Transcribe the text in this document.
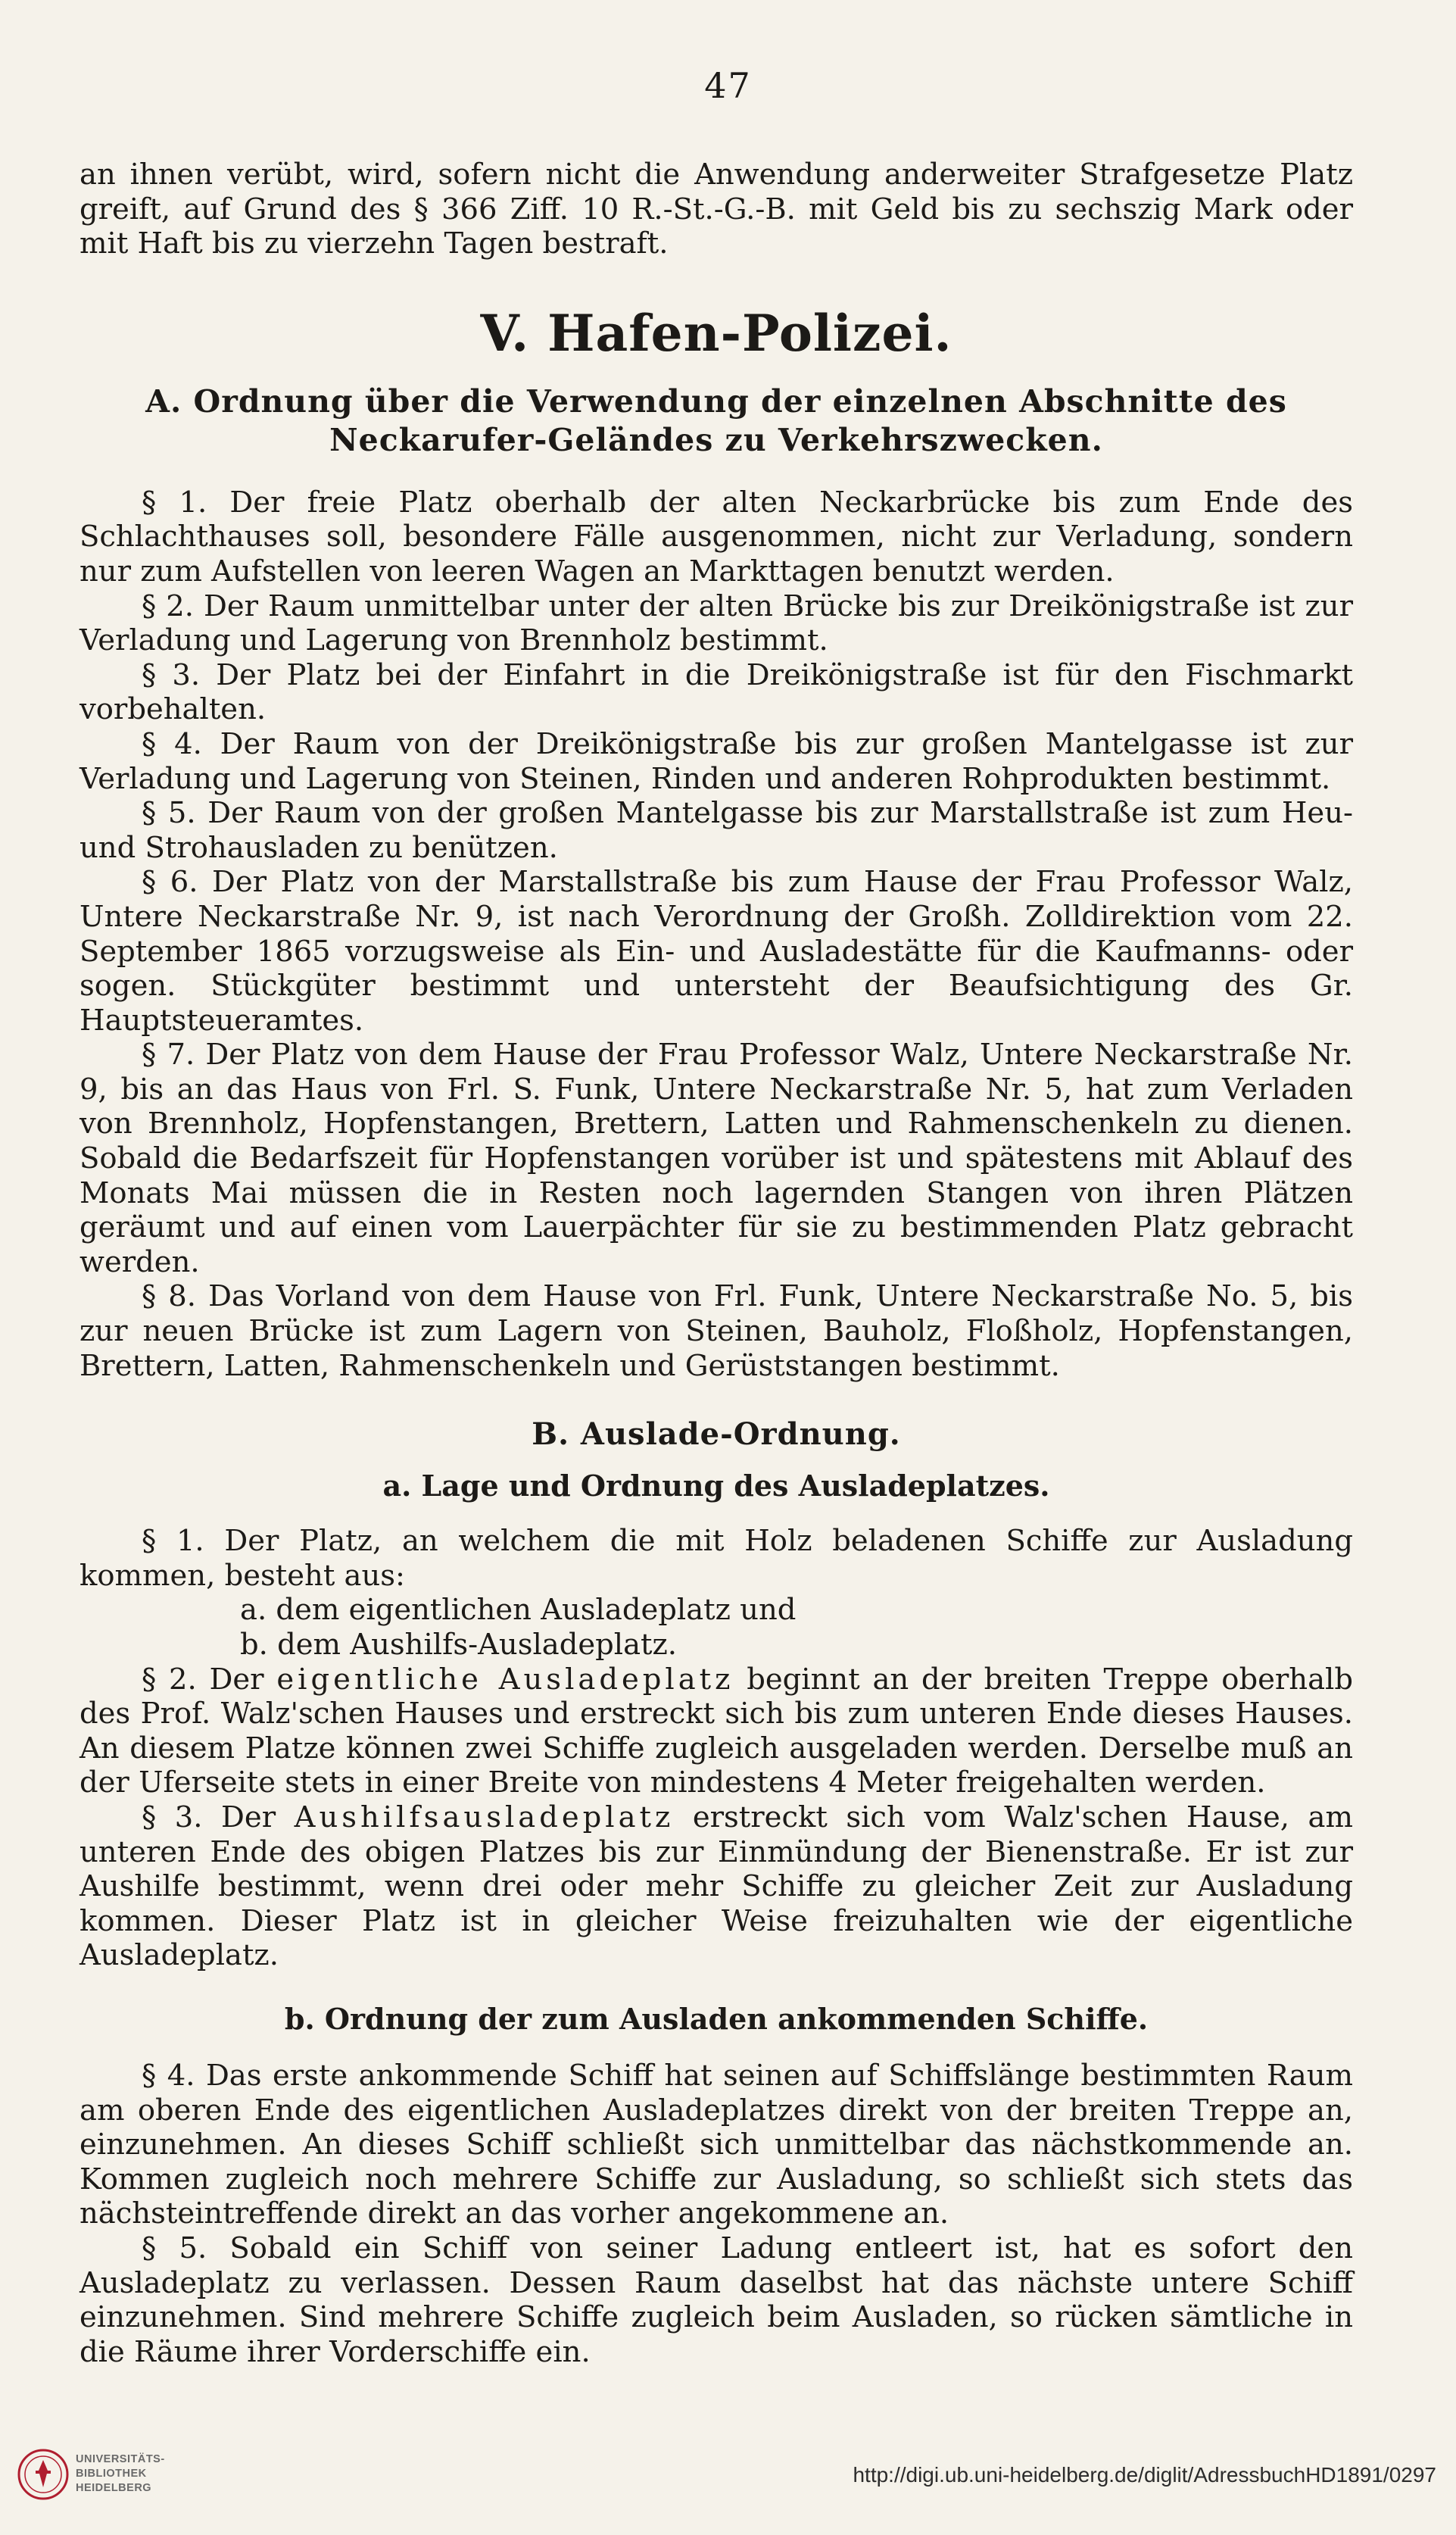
47

an ihnen verübt, wird, sofern nicht die Anwendung anderweiter Strafgesetze Platz greift, auf Grund des § 366 Ziff. 10 R.-St.-G.-B. mit Geld bis zu sechszig Mark oder mit Haft bis zu vierzehn Tagen bestraft.

V. Hafen-Polizei.
A. Ordnung über die Verwendung der einzelnen Abschnitte des Neckarufer-Geländes zu Verkehrszwecken.

§ 1. Der freie Platz oberhalb der alten Neckarbrücke bis zum Ende des Schlachthauses soll, besondere Fälle ausgenommen, nicht zur Verladung, sondern nur zum Aufstellen von leeren Wagen an Markttagen benutzt werden.

§ 2. Der Raum unmittelbar unter der alten Brücke bis zur Dreikönigstraße ist zur Verladung und Lagerung von Brennholz bestimmt.

§ 3. Der Platz bei der Einfahrt in die Dreikönigstraße ist für den Fischmarkt vorbehalten.

§ 4. Der Raum von der Dreikönigstraße bis zur großen Mantelgasse ist zur Verladung und Lagerung von Steinen, Rinden und anderen Rohprodukten bestimmt.

§ 5. Der Raum von der großen Mantelgasse bis zur Marstallstraße ist zum Heu- und Strohausladen zu benützen.

§ 6. Der Platz von der Marstallstraße bis zum Hause der Frau Professor Walz, Untere Neckarstraße Nr. 9, ist nach Verordnung der Großh. Zolldirektion vom 22. September 1865 vorzugsweise als Ein- und Ausladestätte für die Kaufmanns- oder sogen. Stückgüter bestimmt und untersteht der Beaufsichtigung des Gr. Hauptsteueramtes.

§ 7. Der Platz von dem Hause der Frau Professor Walz, Untere Neckarstraße Nr. 9, bis an das Haus von Frl. S. Funk, Untere Neckarstraße Nr. 5, hat zum Verladen von Brennholz, Hopfenstangen, Brettern, Latten und Rahmenschenkeln zu dienen. Sobald die Bedarfszeit für Hopfenstangen vorüber ist und spätestens mit Ablauf des Monats Mai müssen die in Resten noch lagernden Stangen von ihren Plätzen geräumt und auf einen vom Lauerpächter für sie zu bestimmenden Platz gebracht werden.

§ 8. Das Vorland von dem Hause von Frl. Funk, Untere Neckarstraße No. 5, bis zur neuen Brücke ist zum Lagern von Steinen, Bauholz, Floßholz, Hopfenstangen, Brettern, Latten, Rahmenschenkeln und Gerüststangen bestimmt.

B. Auslade-Ordnung.
a. Lage und Ordnung des Ausladeplatzes.

§ 1. Der Platz, an welchem die mit Holz beladenen Schiffe zur Ausladung kommen, besteht aus:

a. dem eigentlichen Ausladeplatz und
b. dem Aushilfs-Ausladeplatz.

§ 2. Der eigentliche Ausladeplatz beginnt an der breiten Treppe oberhalb des Prof. Walz'schen Hauses und erstreckt sich bis zum unteren Ende dieses Hauses. An diesem Platze können zwei Schiffe zugleich ausgeladen werden. Derselbe muß an der Uferseite stets in einer Breite von mindestens 4 Meter freigehalten werden.

§ 3. Der Aushilfsausladeplatz erstreckt sich vom Walz'schen Hause, am unteren Ende des obigen Platzes bis zur Einmündung der Bienenstraße. Er ist zur Aushilfe bestimmt, wenn drei oder mehr Schiffe zu gleicher Zeit zur Ausladung kommen. Dieser Platz ist in gleicher Weise freizuhalten wie der eigentliche Ausladeplatz.

b. Ordnung der zum Ausladen ankommenden Schiffe.

§ 4. Das erste ankommende Schiff hat seinen auf Schiffslänge bestimmten Raum am oberen Ende des eigentlichen Ausladeplatzes direkt von der breiten Treppe an, einzunehmen. An dieses Schiff schließt sich unmittelbar das nächstkommende an. Kommen zugleich noch mehrere Schiffe zur Ausladung, so schließt sich stets das nächsteintreffende direkt an das vorher angekommene an.

§ 5. Sobald ein Schiff von seiner Ladung entleert ist, hat es sofort den Ausladeplatz zu verlassen. Dessen Raum daselbst hat das nächste untere Schiff einzunehmen. Sind mehrere Schiffe zugleich beim Ausladen, so rücken sämtliche in die Räume ihrer Vorderschiffe ein.

UNIVERSITÄTS-
BIBLIOTHEK
HEIDELBERG
http://digi.ub.uni-heidelberg.de/diglit/AdressbuchHD1891/0297
